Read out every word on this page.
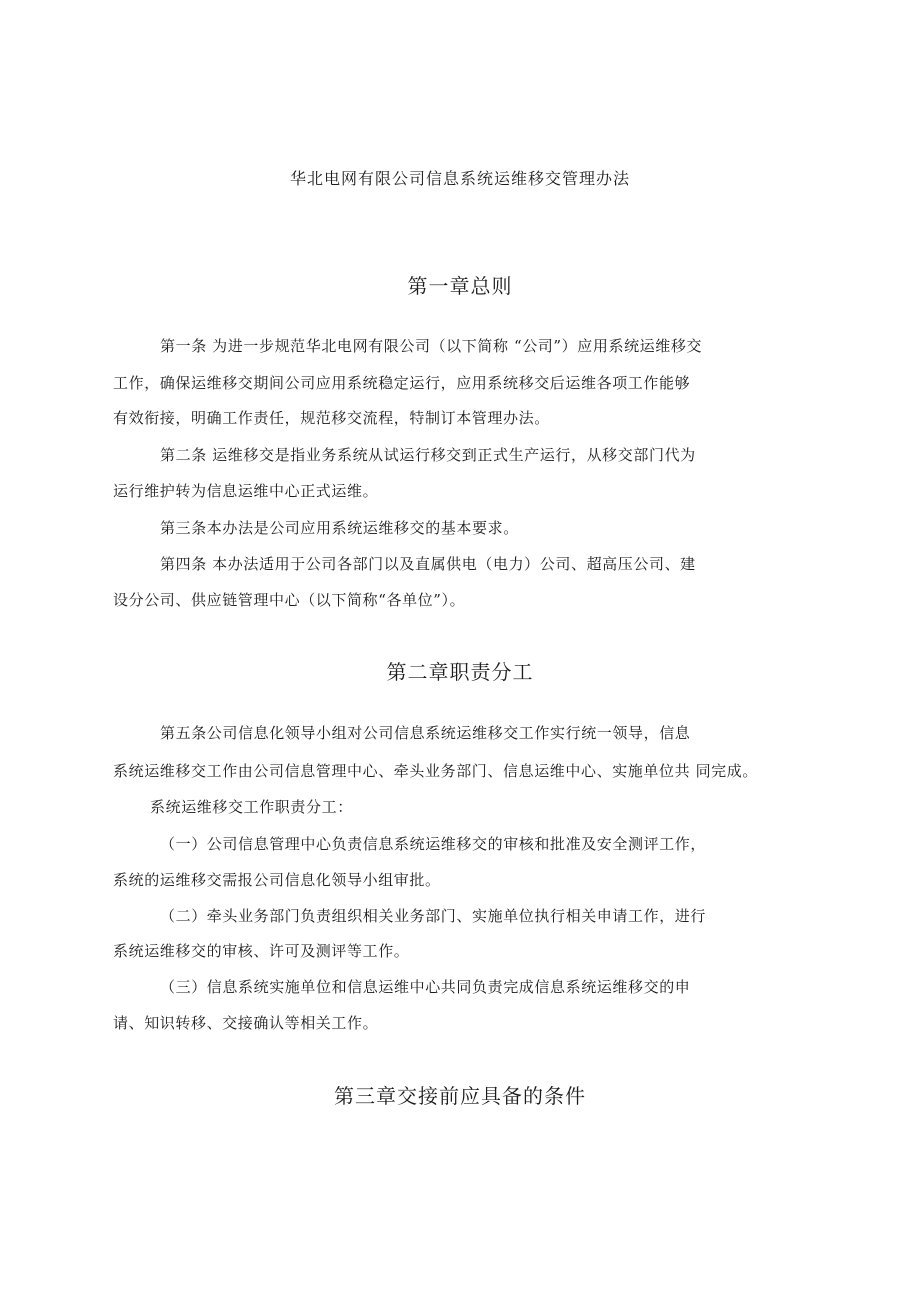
华北电网有限公司信息系统运维移交管理办法
第一章总则
第一条 为进一步规范华北电网有限公司（以下简称 “公司”）应用系统运维移交
工作，确保运维移交期间公司应用系统稳定运行，应用系统移交后运维各项工作能够
有效衔接，明确工作责任，规范移交流程，特制订本管理办法。
第二条 运维移交是指业务系统从试运行移交到正式生产运行，从移交部门代为
运行维护转为信息运维中心正式运维。
第三条本办法是公司应用系统运维移交的基本要求。
第四条 本办法适用于公司各部门以及直属供电（电力）公司、超高压公司、建
设分公司、供应链管理中心（以下简称“各单位”）。
第二章职责分工
第五条公司信息化领导小组对公司信息系统运维移交工作实行统一领导，信息
系统运维移交工作由公司信息管理中心、牵头业务部门、信息运维中心、实施单位共 同完成。
系统运维移交工作职责分工：
（一）公司信息管理中心负责信息系统运维移交的审核和批准及安全测评工作，
系统的运维移交需报公司信息化领导小组审批。
（二）牵头业务部门负责组织相关业务部门、实施单位执行相关申请工作，进行
系统运维移交的审核、许可及测评等工作。
（三）信息系统实施单位和信息运维中心共同负责完成信息系统运维移交的申
请、知识转移、交接确认等相关工作。
第三章交接前应具备的条件
